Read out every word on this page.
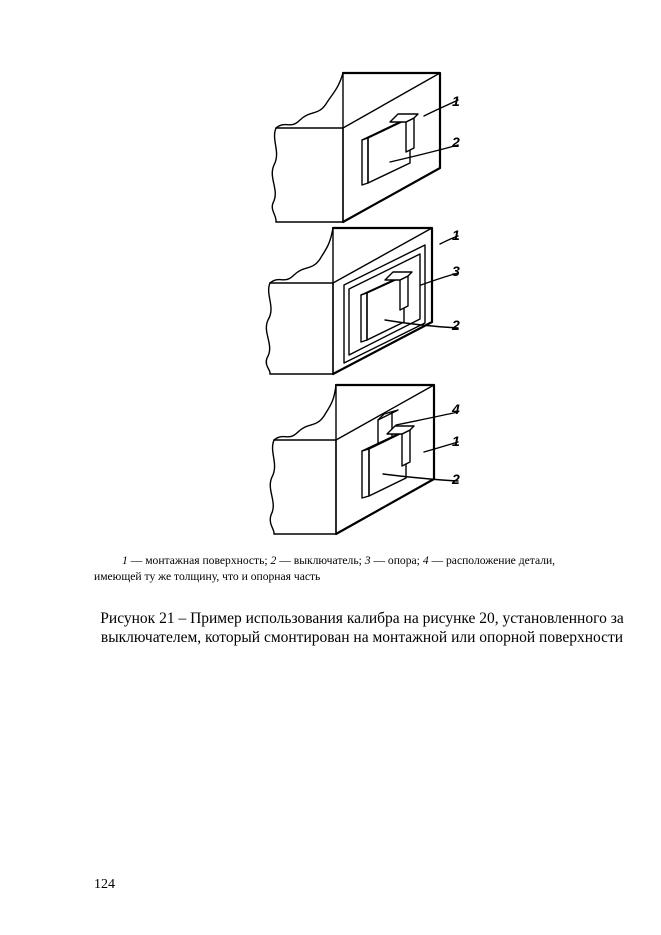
1
2
1
3
2
4
1
2
1 — монтажная поверхность; 2 — выключатель; 3 — опора; 4 — расположение детали,
имеющей ту же толщину, что и опорная часть
Рисунок 21 – Пример использования калибра на рисунке 20, установленного за выключателем, который смонтирован на монтажной или опорной поверхности
124
